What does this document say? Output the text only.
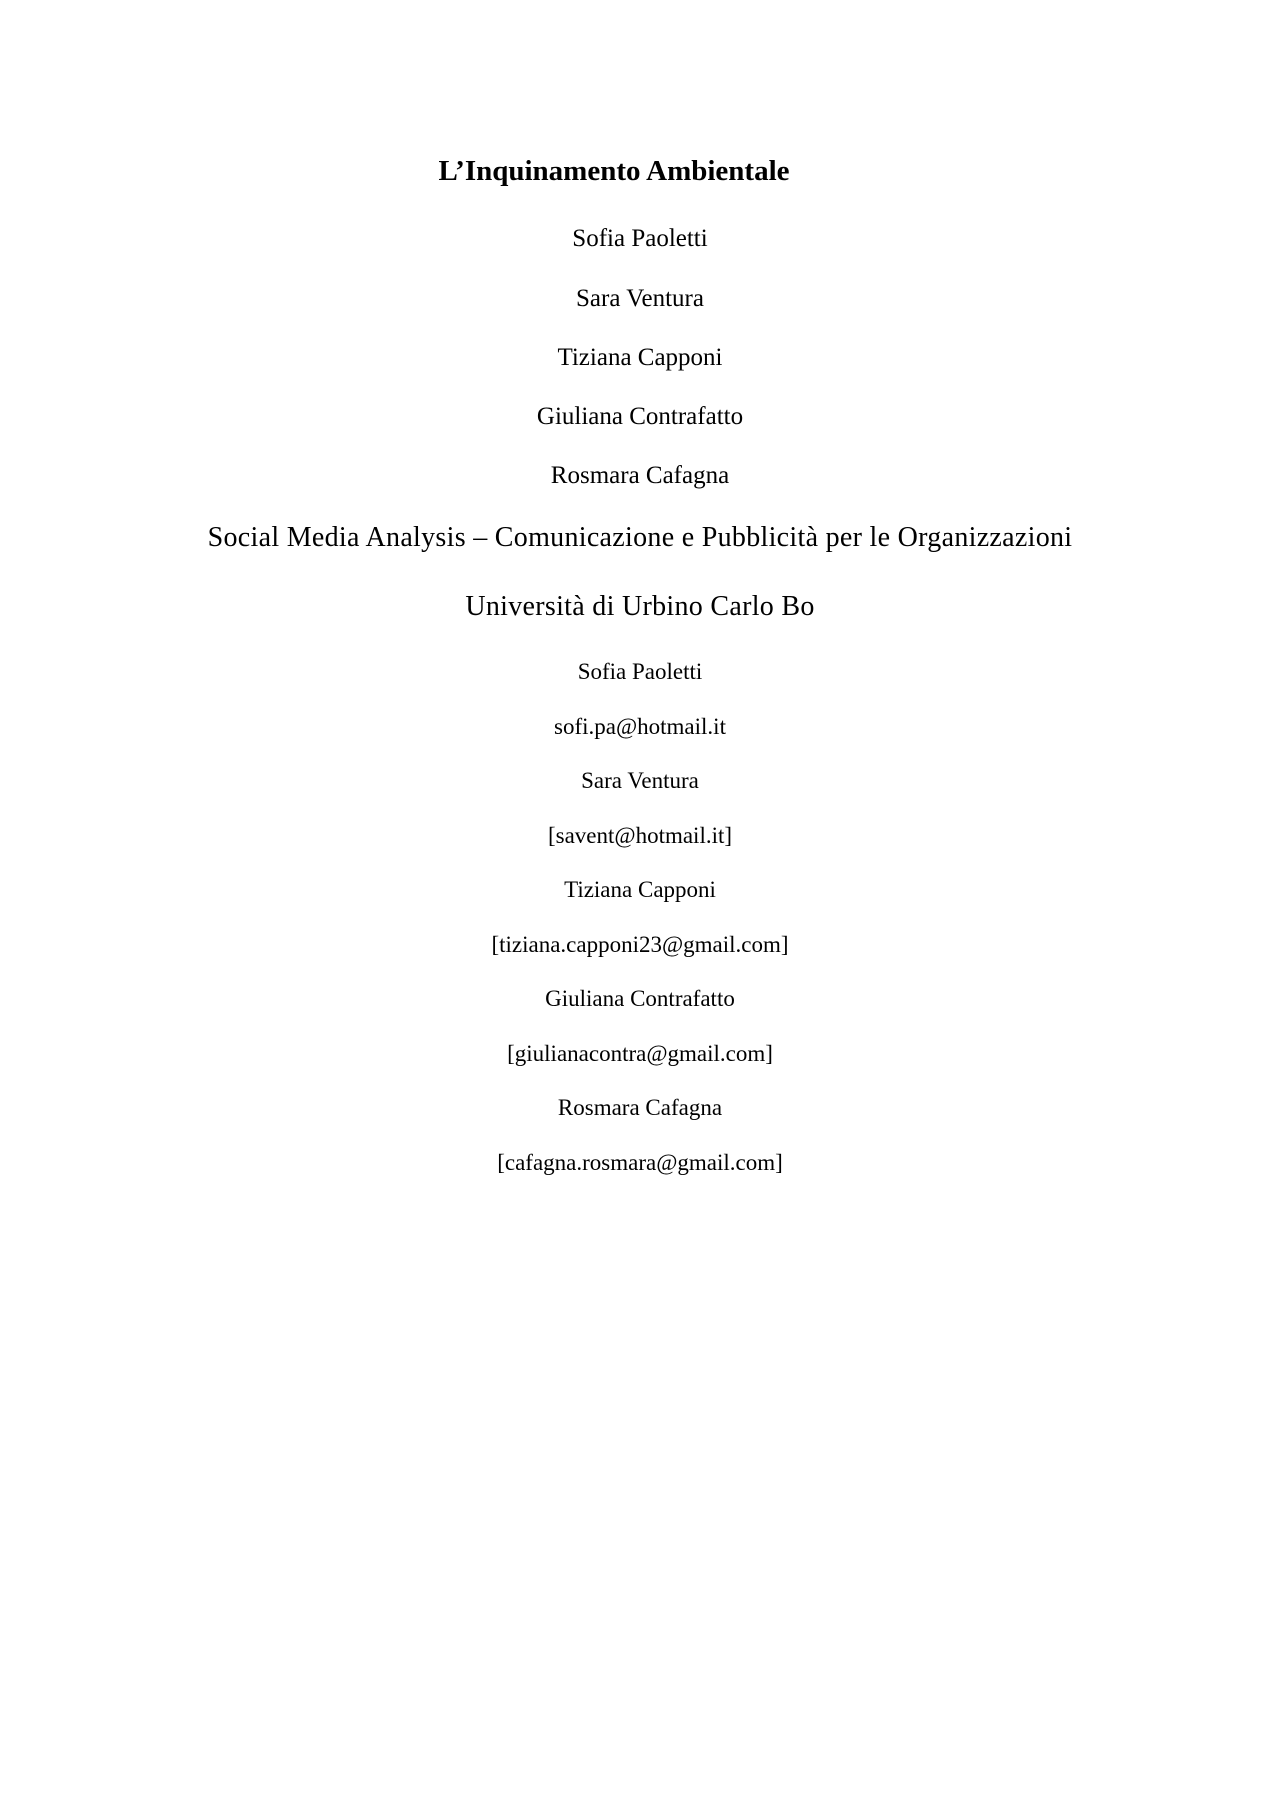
L’Inquinamento Ambientale
Sofia Paoletti
Sara Ventura
Tiziana Capponi
Giuliana Contrafatto
Rosmara Cafagna
Social Media Analysis – Comunicazione e Pubblicità per le Organizzazioni
Università di Urbino Carlo Bo
Sofia Paoletti
sofi.pa@hotmail.it
Sara Ventura
[savent@hotmail.it]
Tiziana Capponi
[tiziana.capponi23@gmail.com]
Giuliana Contrafatto
[giulianacontra@gmail.com]
Rosmara Cafagna
[cafagna.rosmara@gmail.com]
